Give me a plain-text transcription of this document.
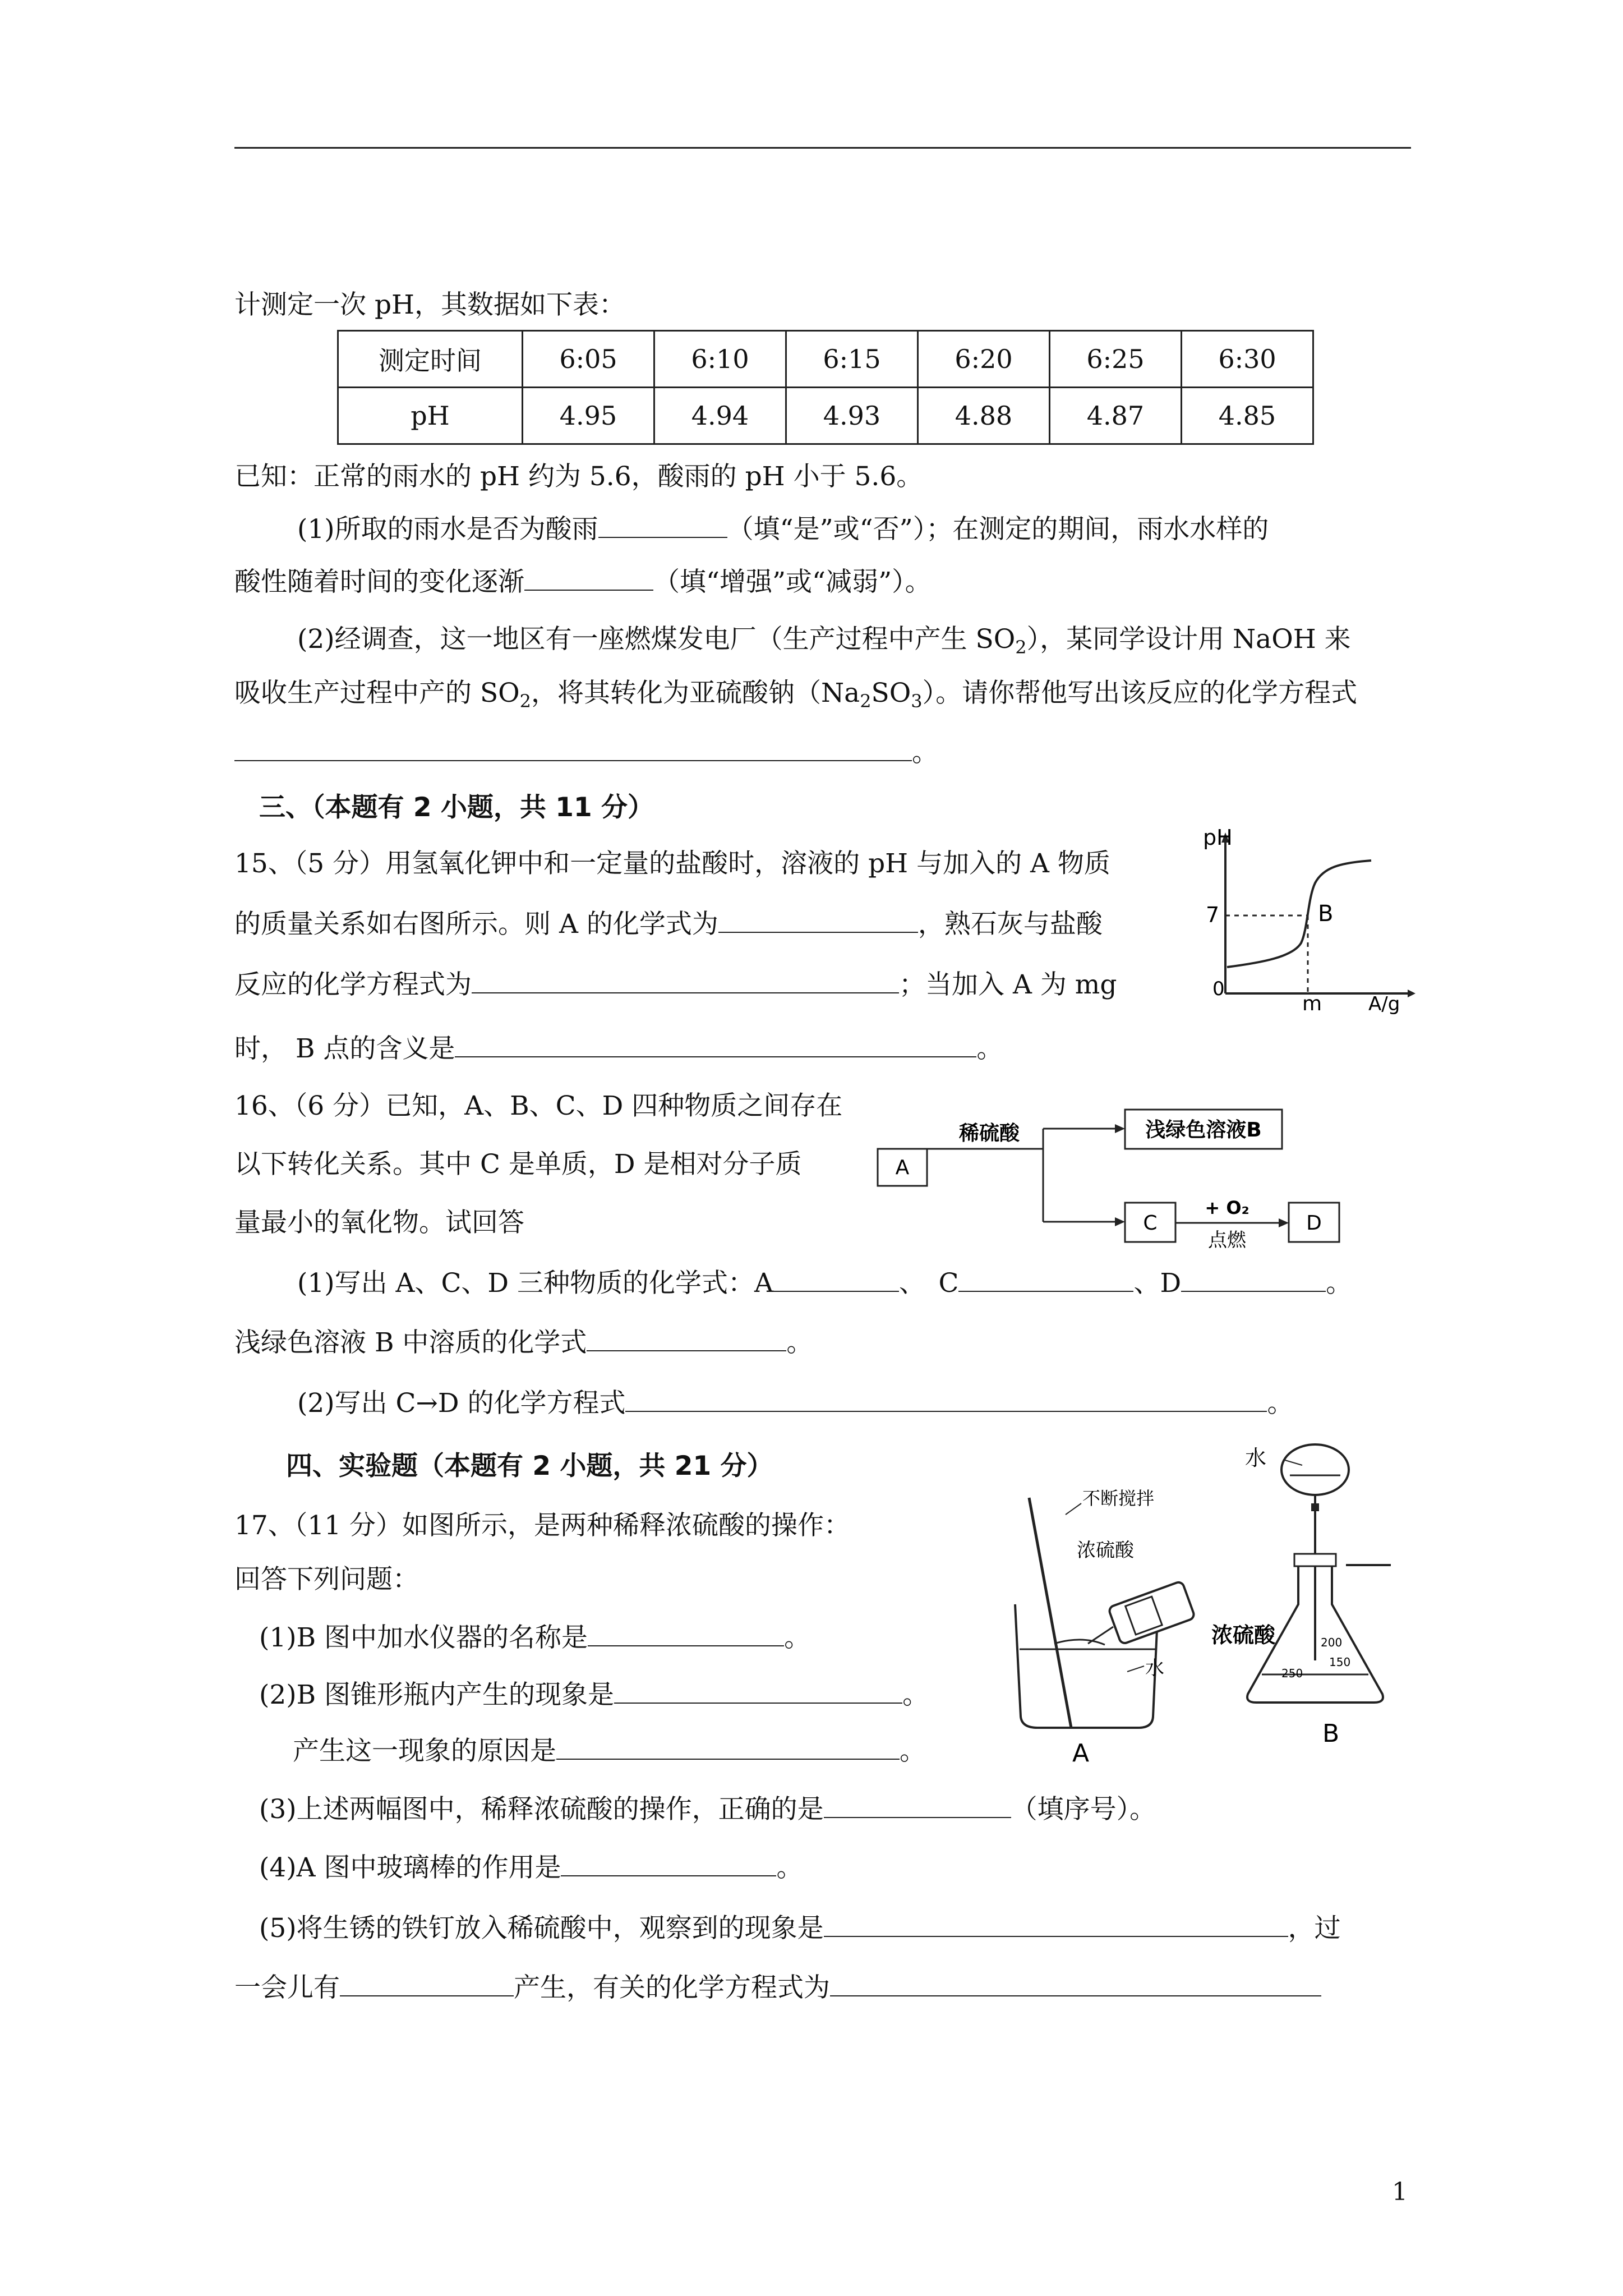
计测定一次 pH，其数据如下表：
测定时间	6:05	6:10	6:15	6:20	6:25	6:30
pH	4.95	4.94	4.93	4.88	4.87	4.85
已知：正常的雨水的 pH 约为 5.6，酸雨的 pH 小于 5.6。
(1)所取的雨水是否为酸雨	（填“是”或“否”）；在测定的期间，雨水水样的
酸性随着时间的变化逐渐	（填“增强”或“减弱”）。
(2)经调查，这一地区有一座燃煤发电厂（生产过程中产生 $SO_2$），某同学设计用 NaOH 来
吸收生产过程中产的 $SO_2$，将其转化为亚硫酸钠$(Na_2SO_3)$。请你帮他写出该反应的化学方程式
。
三、（本题有 2 小题，共 11 分）
15、（5 分）用氢氧化钾中和一定量的盐酸时，溶液的 pH 与加入的 A 物质
的质量关系如右图所示。则 A 的化学式为	，熟石灰与盐酸
反应的化学方程式为	；当加入 A 为 mg
时， B 点的含义是	。
pH
7	B
0
m A/g
16、（6 分）已知，A、B、C、D 四种物质之间存在
以下转化关系。其中 C 是单质，D 是相对分子质
量最小的氧化物。试回答
A
稀硫酸	浅绿色溶液B
C
+ O₂
点燃
D
(1)写出 A、C、D 三种物质的化学式：A	、　C	、D	。
浅绿色溶液 B 中溶质的化学式	。
(2)写出 C→D 的化学方程式	。
四、实验题（本题有 2 小题，共 21 分）
17、（11 分）如图所示，是两种稀释浓硫酸的操作：
回答下列问题：
(1)B 图中加水仪器的名称是	。
(2)B 图锥形瓶内产生的现象是	。
产生这一现象的原因是	。
(3)上述两幅图中，稀释浓硫酸的操作，正确的是	（填序号）。
(4)A 图中玻璃棒的作用是	。
(5)将生锈的铁钉放入稀硫酸中，观察到的现象是	，过
一会儿有	产生，有关的化学方程式为
不断搅拌
浓硫酸
水
A
水
200
150
250
浓硫酸
B
1
